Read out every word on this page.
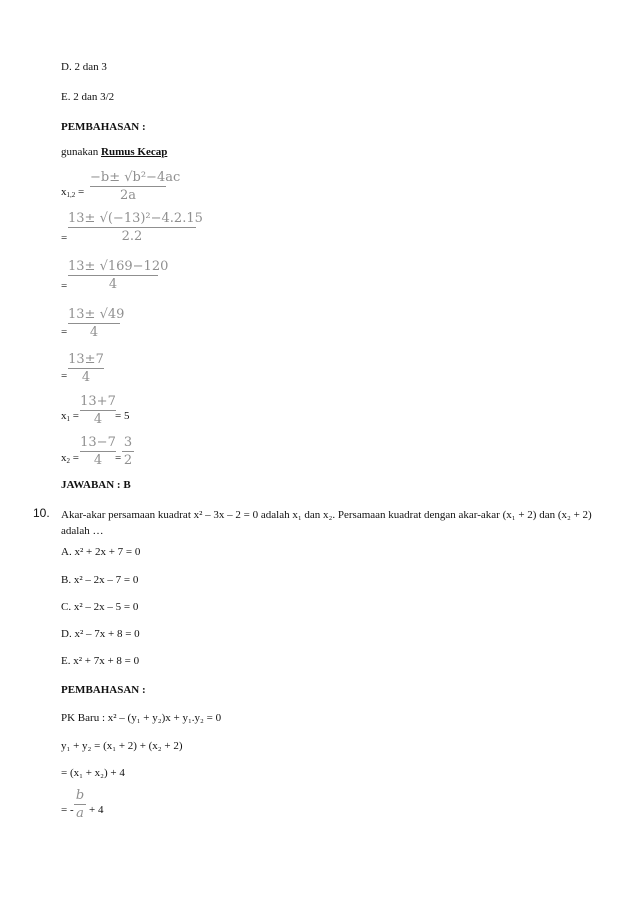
D. 2 dan 3
E. 2 dan 3/2
PEMBAHASAN :
gunakan Rumus Kecap
$x_{1,2}$ =
−b± √b²−4ac
2a
=
13± √(−13)²−4.2.15
2.2
=
13± √169−120
4
=
13± √49
4
=
13±7
4
$x_1$ =
13+7
4	= 5
$x_2$ =
13−7
4	=
3
2
JAWABAN : B
10. Akar-akar persamaan kuadrat x² – 3x – 2 = 0 adalah x₁ dan x₂. Persamaan kuadrat dengan akar-akar (x₁ + 2) dan (x₂ + 2) adalah …
A. x² + 2x + 7 = 0
B. x² – 2x – 7 = 0
C. x² – 2x – 5 = 0
D. x² – 7x + 8 = 0
E. x² + 7x + 8 = 0
PEMBAHASAN :
PK Baru : x² – (y₁ + y₂)x + y₁.y₂ = 0
y₁ + y₂ = (x₁ + 2) + (x₂ + 2)
= (x₁ + x₂) + 4
= -
b
a + 4
